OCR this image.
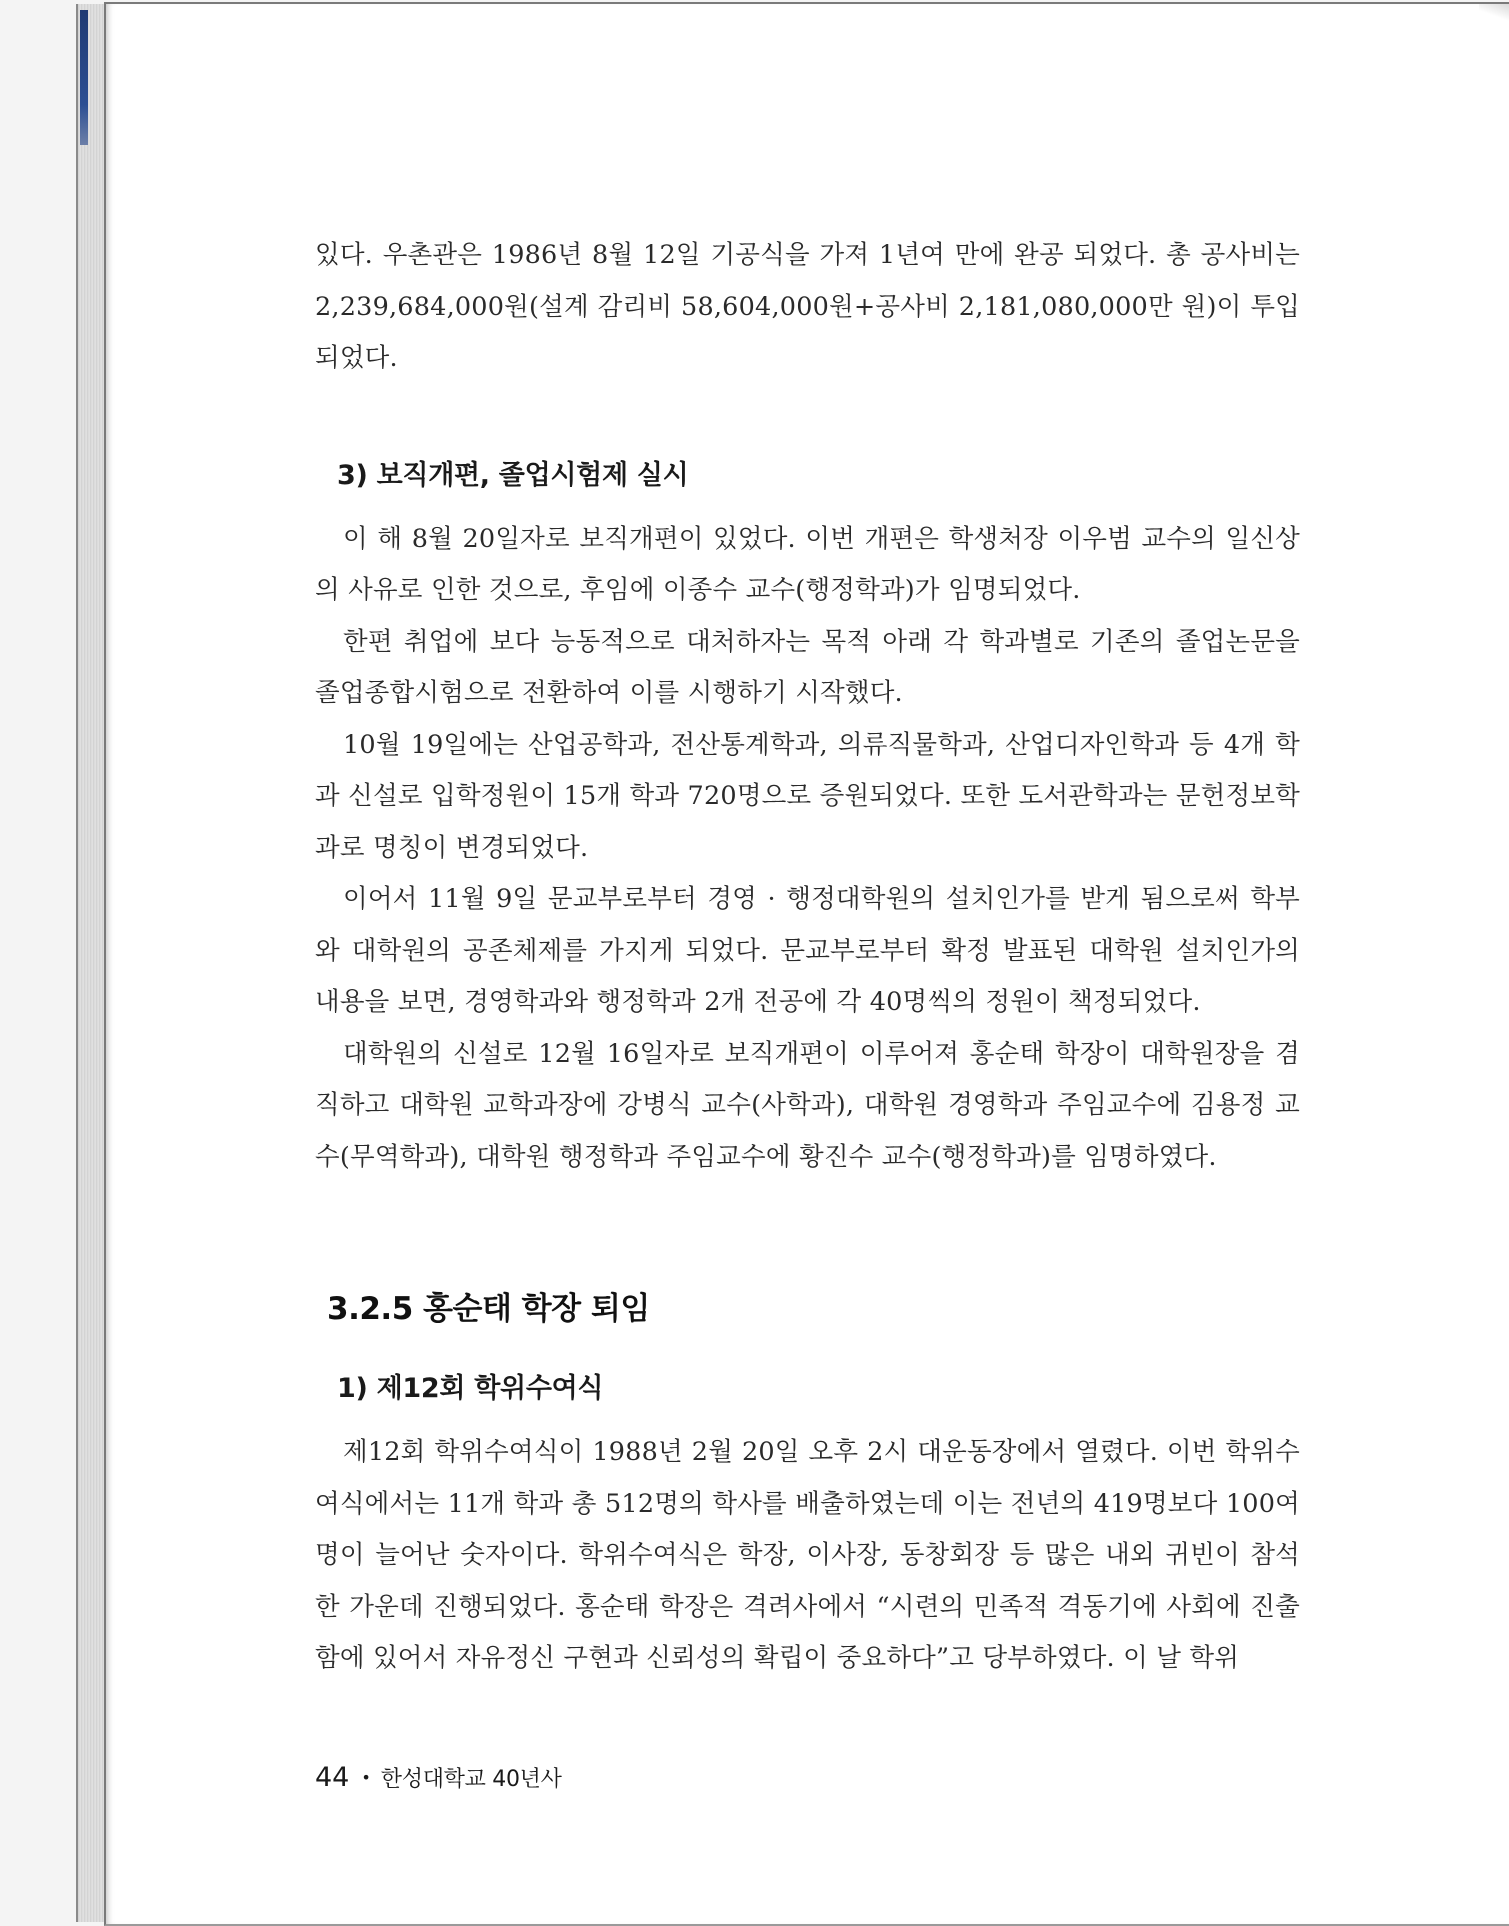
있다. 우촌관은 1986년 8월 12일 기공식을 가져 1년여 만에 완공 되었다. 총 공사비는 2,239,684,000원(설계 감리비 58,604,000원+공사비 2,181,080,000만 원)이 투입되었다.

3) 보직개편, 졸업시험제 실시

이 해 8월 20일자로 보직개편이 있었다. 이번 개편은 학생처장 이우범 교수의 일신상의 사유로 인한 것으로, 후임에 이종수 교수(행정학과)가 임명되었다.

한편 취업에 보다 능동적으로 대처하자는 목적 아래 각 학과별로 기존의 졸업논문을 졸업종합시험으로 전환하여 이를 시행하기 시작했다.

10월 19일에는 산업공학과, 전산통계학과, 의류직물학과, 산업디자인학과 등 4개 학과 신설로 입학정원이 15개 학과 720명으로 증원되었다. 또한 도서관학과는 문헌정보학과로 명칭이 변경되었다.

이어서 11월 9일 문교부로부터 경영 · 행정대학원의 설치인가를 받게 됨으로써 학부와 대학원의 공존체제를 가지게 되었다. 문교부로부터 확정 발표된 대학원 설치인가의 내용을 보면, 경영학과와 행정학과 2개 전공에 각 40명씩의 정원이 책정되었다.

대학원의 신설로 12월 16일자로 보직개편이 이루어져 홍순태 학장이 대학원장을 겸직하고 대학원 교학과장에 강병식 교수(사학과), 대학원 경영학과 주임교수에 김용정 교수(무역학과), 대학원 행정학과 주임교수에 황진수 교수(행정학과)를 임명하였다.

3.2.5 홍순태 학장 퇴임
1) 제12회 학위수여식

제12회 학위수여식이 1988년 2월 20일 오후 2시 대운동장에서 열렸다. 이번 학위수여식에서는 11개 학과 총 512명의 학사를 배출하였는데 이는 전년의 419명보다 100여 명이 늘어난 숫자이다. 학위수여식은 학장, 이사장, 동창회장 등 많은 내외 귀빈이 참석한 가운데 진행되었다. 홍순태 학장은 격려사에서 “시련의 민족적 격동기에 사회에 진출함에 있어서 자유정신 구현과 신뢰성의 확립이 중요하다”고 당부하였다. 이 날 학위

44 • 한성대학교 40년사
